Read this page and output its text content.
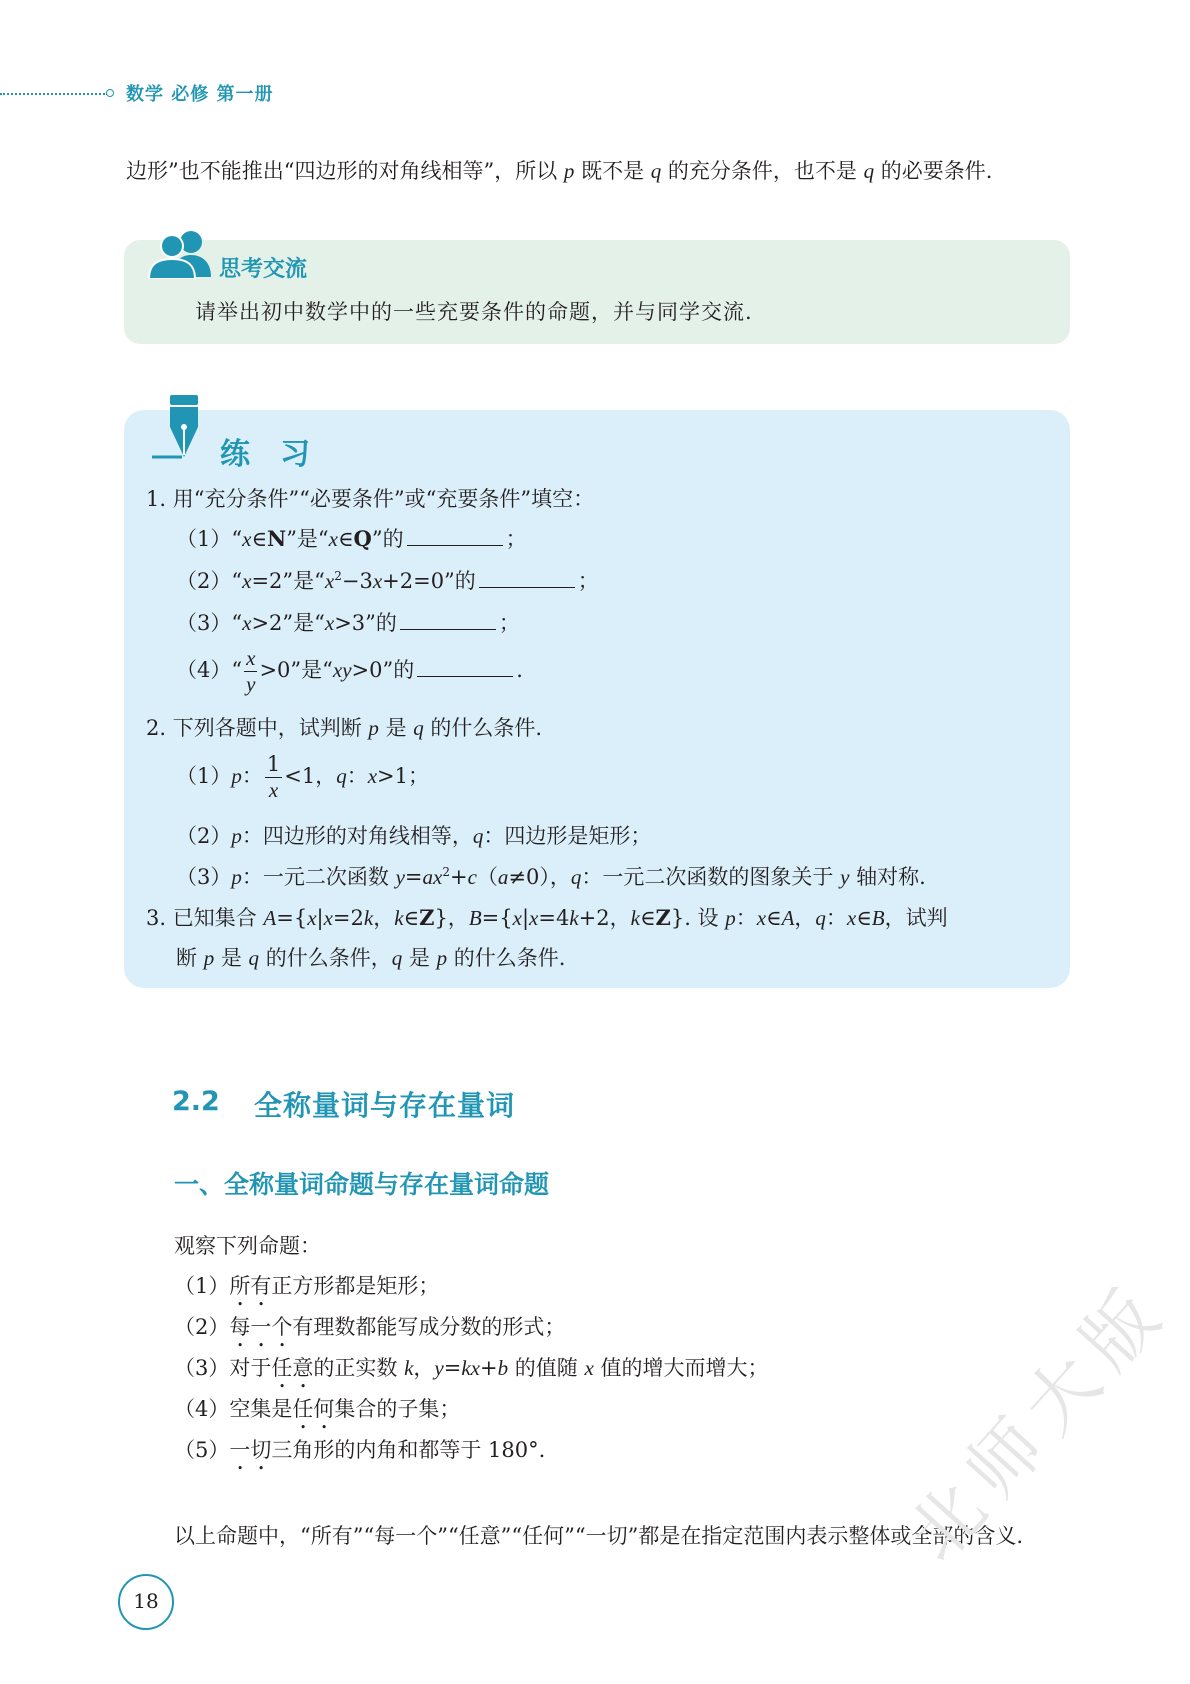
数学 必修 第一册
边形”也不能推出“四边形的对角线相等”，所以 p 既不是 q 的充分条件，也不是 q 的必要条件.
思考交流
请举出初中数学中的一些充要条件的命题，并与同学交流.
练　习
1. 用“充分条件”“必要条件”或“充要条件”填空：
（1）“x∈N”是“x∈Q”的	；
（2）“x=2”是“$x^2-3x+2=0$”的	；
（3）“x>2”是“x>3”的	；
（4）“ $\frac{x}{y} >0$”是“xy>0”的	.
2. 下列各题中，试判断 p 是 q 的什么条件.
（1）p： $\frac{1}{x} <1$，q：x>1；
（2）p：四边形的对角线相等，q：四边形是矩形；
（3）p：一元二次函数 $y=ax^2+c(a\ne 0)$，q：一元二次函数的图象关于 y 轴对称.
3. 已知集合 A={x|x=2k，k∈Z}，B={x|x=4k+2，k∈Z}. 设 p：x∈A，q：x∈B，试判
断 p 是 q 的什么条件，q 是 p 的什么条件.
2.2 全称量词与存在量词
一、全称量词命题与存在量词命题
观察下列命题：
（1）所有正方形都是矩形；
（2）每一个有理数都能写成分数的形式；
（3）对于任意的正实数 k，y=kx+b 的值随 x 值的增大而增大；
（4）空集是任何集合的子集；
（5）一切三角形的内角和都等于 180°.
以上命题中，“所有”“每一个”“任意”“任何”“一切”都是在指定范围内表示整体或全部的含义.
18
北师大版
